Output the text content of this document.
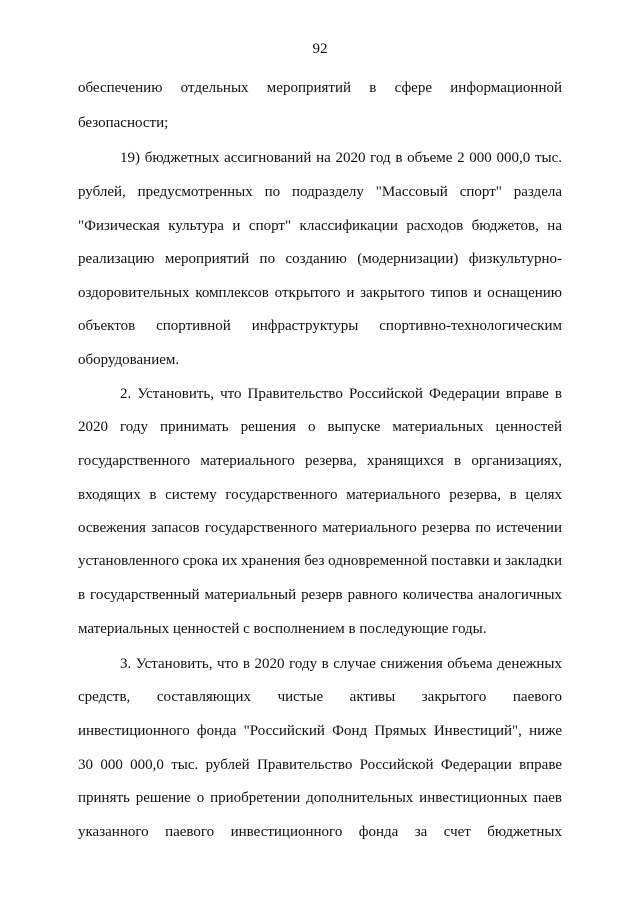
92
обеспечению отдельных мероприятий в сфере информационной
безопасности;
19) бюджетных ассигнований на 2020 год в объеме 2 000 000,0 тыс.
рублей, предусмотренных по подразделу "Массовый спорт" раздела
"Физическая культура и спорт" классификации расходов бюджетов, на
реализацию мероприятий по созданию (модернизации) физкультурно-
оздоровительных комплексов открытого и закрытого типов и оснащению
объектов спортивной инфраструктуры спортивно-технологическим
оборудованием.
2. Установить, что Правительство Российской Федерации вправе в
2020 году принимать решения о выпуске материальных ценностей
государственного материального резерва, хранящихся в организациях,
входящих в систему государственного материального резерва, в целях
освежения запасов государственного материального резерва по истечении
установленного срока их хранения без одновременной поставки и закладки
в государственный материальный резерв равного количества аналогичных
материальных ценностей с восполнением в последующие годы.
3. Установить, что в 2020 году в случае снижения объема денежных
средств, составляющих чистые активы закрытого паевого
инвестиционного фонда "Российский Фонд Прямых Инвестиций", ниже
30 000 000,0 тыс. рублей Правительство Российской Федерации вправе
принять решение о приобретении дополнительных инвестиционных паев
указанного паевого инвестиционного фонда за счет бюджетных
